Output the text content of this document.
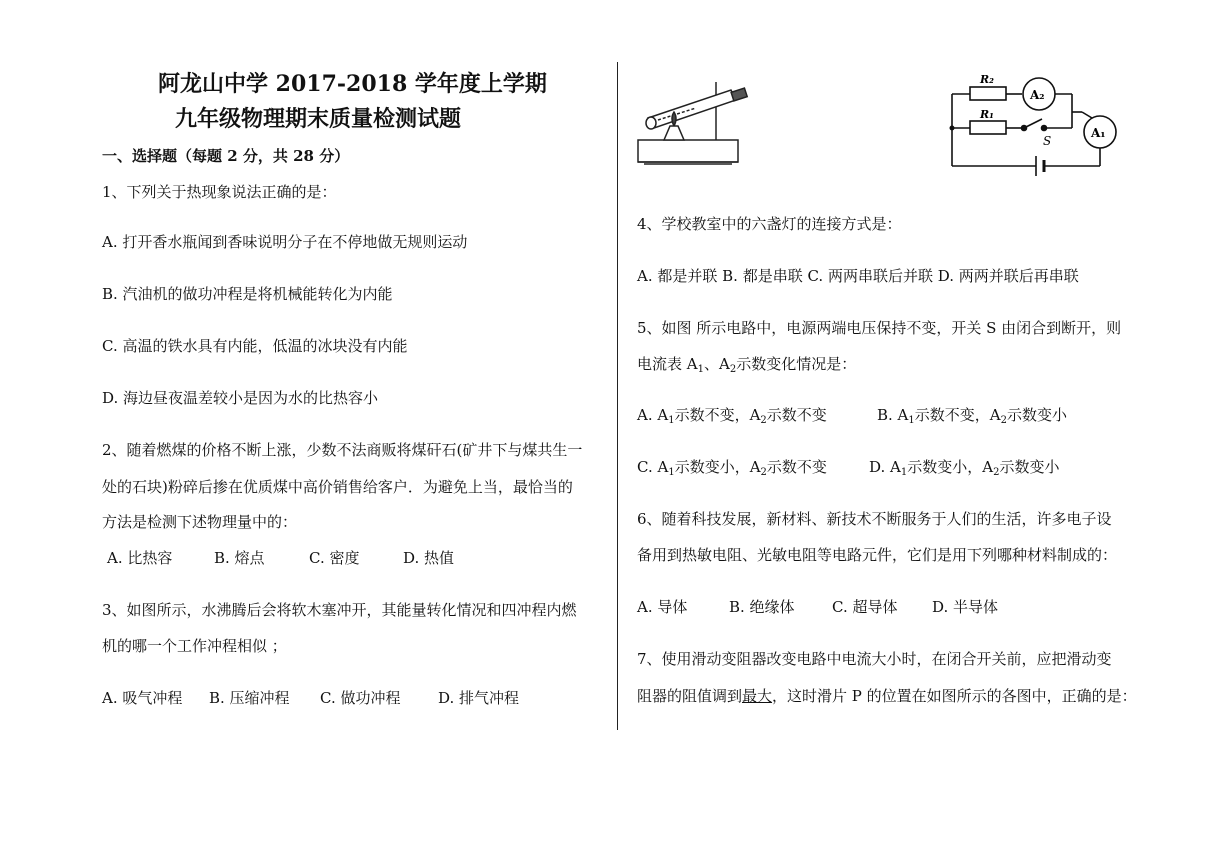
阿龙山中学 2017-2018 学年度上学期
九年级物理期末质量检测试题
一、选择题（每题 2 分，共 28 分）
1、下列关于热现象说法正确的是：
A. 打开香水瓶闻到香味说明分子在不停地做无规则运动
B. 汽油机的做功冲程是将机械能转化为内能
C. 高温的铁水具有内能，低温的冰块没有内能
D. 海边昼夜温差较小是因为水的比热容小
2、随着燃煤的价格不断上涨，少数不法商贩将煤矸石(矿井下与煤共生一
处的石块)粉碎后掺在优质煤中高价销售给客户．为避免上当，最恰当的
方法是检测下述物理量中的：
A. 比热容	B. 熔点	C. 密度	D. 热值
3、如图所示，水沸腾后会将软木塞冲开，其能量转化情况和四冲程内燃
机的哪一个工作冲程相似 ；
A. 吸气冲程 B. 压缩冲程 C. 做功冲程	D. 排气冲程
R₂
R₁
A₂
A₁
S
4、学校教室中的六盏灯的连接方式是：
A. 都是并联 B. 都是串联 C. 两两串联后并联 D. 两两并联后再串联
5、如图 所示电路中，电源两端电压保持不变，开关 S 由闭合到断开，则
电流表 $A_1$、$A_2$示数变化情况是：
A. $A_1$示数不变，$A_2$示数不变	B. $A_1$示数不变，$A_2$示数变小
C. $A_1$示数变小，$A_2$示数不变	D. $A_1$示数变小，$A_2$示数变小
6、随着科技发展，新材料、新技术不断服务于人们的生活，许多电子设
备用到热敏电阻、光敏电阻等电路元件，它们是用下列哪种材料制成的：
A. 导体	B. 绝缘体 C. 超导体 D. 半导体
7、使用滑动变阻器改变电路中电流大小时，在闭合开关前，应把滑动变
阻器的阻值调到最大，这时滑片 P 的位置在如图所示的各图中，正确的是：
